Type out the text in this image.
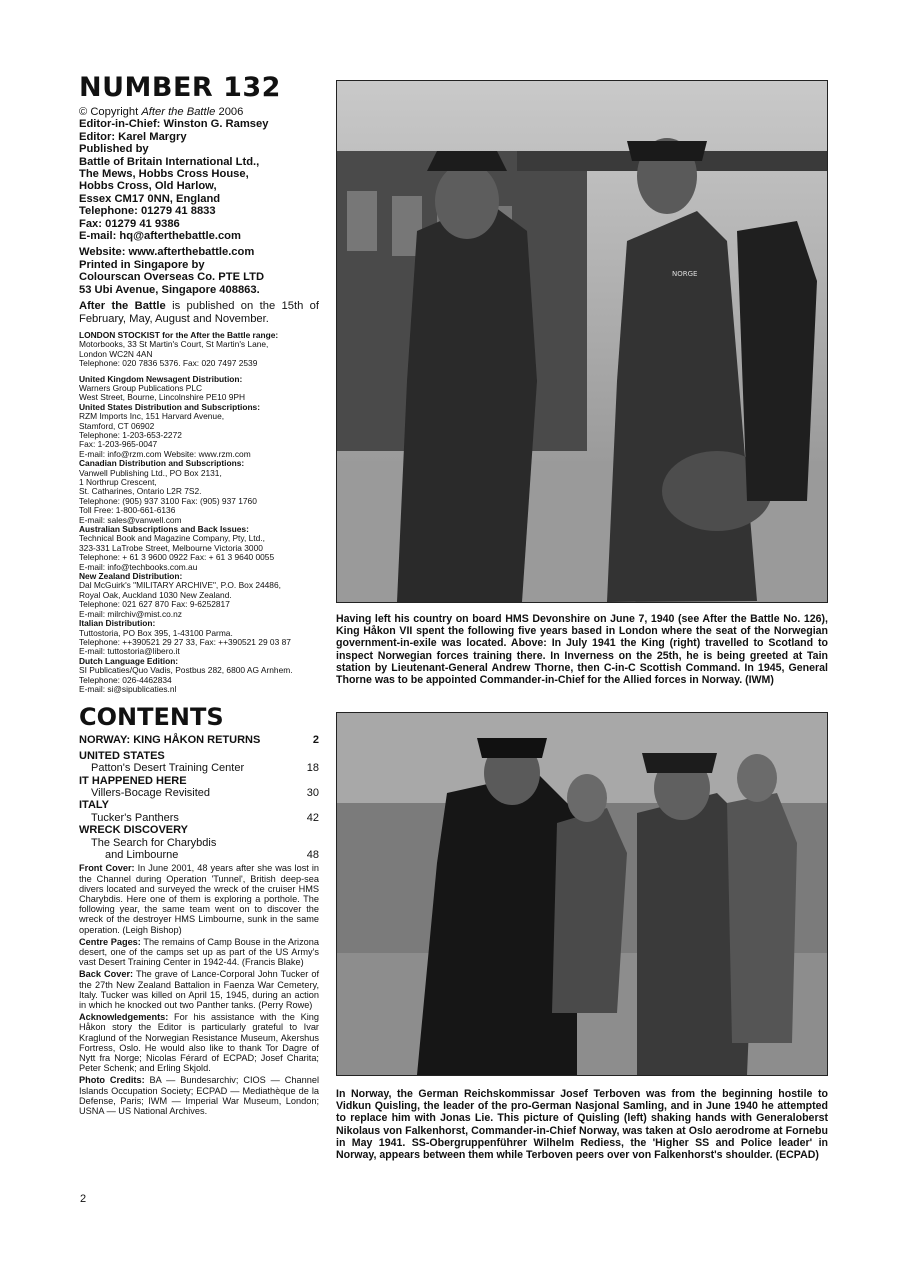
NUMBER 132

© Copyright After the Battle 2006

Editor-in-Chief: Winston G. Ramsey

Editor: Karel Margry

Published by

Battle of Britain International Ltd.,

The Mews, Hobbs Cross House,

Hobbs Cross, Old Harlow,

Essex CM17 0NN, England

Telephone: 01279 41 8833

Fax: 01279 41 9386

E-mail: hq@afterthebattle.com

Website: www.afterthebattle.com

Printed in Singapore by

Colourscan Overseas Co. PTE LTD

53 Ubi Avenue, Singapore 408863.

After the Battle is published on the 15th of February, May, August and November.

LONDON STOCKIST for the After the Battle range:

Motorbooks, 33 St Martin's Court, St Martin's Lane,

London WC2N 4AN

Telephone: 020 7836 5376. Fax: 020 7497 2539

United Kingdom Newsagent Distribution:

Warners Group Publications PLC

West Street, Bourne, Lincolnshire PE10 9PH

United States Distribution and Subscriptions:

RZM Imports Inc, 151 Harvard Avenue,

Stamford, CT 06902

Telephone: 1-203-653-2272

Fax: 1-203-965-0047

E-mail: info@rzm.com Website: www.rzm.com

Canadian Distribution and Subscriptions:

Vanwell Publishing Ltd., PO Box 2131,

1 Northrup Crescent,

St. Catharines, Ontario L2R 7S2.

Telephone: (905) 937 3100 Fax: (905) 937 1760

Toll Free: 1-800-661-6136

E-mail: sales@vanwell.com

Australian Subscriptions and Back Issues:

Technical Book and Magazine Company, Pty, Ltd.,

323-331 LaTrobe Street, Melbourne Victoria 3000

Telephone: + 61 3 9600 0922 Fax: + 61 3 9640 0055

E-mail: info@techbooks.com.au

New Zealand Distribution:

Dal McGuirk's "MILITARY ARCHIVE", P.O. Box 24486,

Royal Oak, Auckland 1030 New Zealand.

Telephone: 021 627 870 Fax: 9-6252817

E-mail: milrchiv@mist.co.nz

Italian Distribution:

Tuttostoria, PO Box 395, 1-43100 Parma.

Telephone: ++390521 29 27 33, Fax: ++390521 29 03 87

E-mail: tuttostoria@libero.it

Dutch Language Edition:

SI Publicaties/Quo Vadis, Postbus 282, 6800 AG Arnhem.

Telephone: 026-4462834

E-mail: si@sipublicaties.nl

CONTENTS
NORWAY: KING HÅKON RETURNS	2
UNITED STATES
Patton's Desert Training Center	18
IT HAPPENED HERE
Villers-Bocage Revisited	30
ITALY
Tucker's Panthers	42
WRECK DISCOVERY
The Search for Charybdis
and Limbourne	48

Front Cover: In June 2001, 48 years after she was lost in the Channel during Operation 'Tunnel', British deep-sea divers located and surveyed the wreck of the cruiser HMS Charybdis. Here one of them is exploring a porthole. The following year, the same team went on to discover the wreck of the destroyer HMS Limbourne, sunk in the same operation. (Leigh Bishop)

Centre Pages: The remains of Camp Bouse in the Arizona desert, one of the camps set up as part of the US Army's vast Desert Training Center in 1942-44. (Francis Blake)

Back Cover: The grave of Lance-Corporal John Tucker of the 27th New Zealand Battalion in Faenza War Cemetery, Italy. Tucker was killed on April 15, 1945, during an action in which he knocked out two Panther tanks. (Perry Rowe)

Acknowledgements: For his assistance with the King Håkon story the Editor is particularly grateful to Ivar Kraglund of the Norwegian Resistance Museum, Akershus Fortress, Oslo. He would also like to thank Tor Dagre of Nytt fra Norge; Nicolas Férard of ECPAD; Josef Charita; Peter Schenk; and Erling Skjold.

Photo Credits: BA — Bundesarchiv; CIOS — Channel Islands Occupation Society; ECPAD — Mediathèque de la Defense, Paris; IWM — Imperial War Museum, London; USNA — US National Archives.

NORGE

Having left his country on board HMS Devonshire on June 7, 1940 (see After the Battle No. 126), King Håkon VII spent the following five years based in London where the seat of the Norwegian government-in-exile was located. Above: In July 1941 the King (right) travelled to Scotland to inspect Norwegian forces training there. In Inverness on the 25th, he is being greeted at Tain station by Lieutenant-General Andrew Thorne, then C-in-C Scottish Command. In 1945, General Thorne was to be appointed Commander-in-Chief for the Allied forces in Norway. (IWM)

In Norway, the German Reichskommissar Josef Terboven was from the beginning hostile to Vidkun Quisling, the leader of the pro-German Nasjonal Samling, and in June 1940 he attempted to replace him with Jonas Lie. This picture of Quisling (left) shaking hands with Generaloberst Nikolaus von Falkenhorst, Commander-in-Chief Norway, was taken at Oslo aerodrome at Fornebu in May 1941. SS-Obergruppenführer Wilhelm Rediess, the 'Higher SS and Police leader' in Norway, appears between them while Terboven peers over von Falkenhorst's shoulder. (ECPAD)

2
